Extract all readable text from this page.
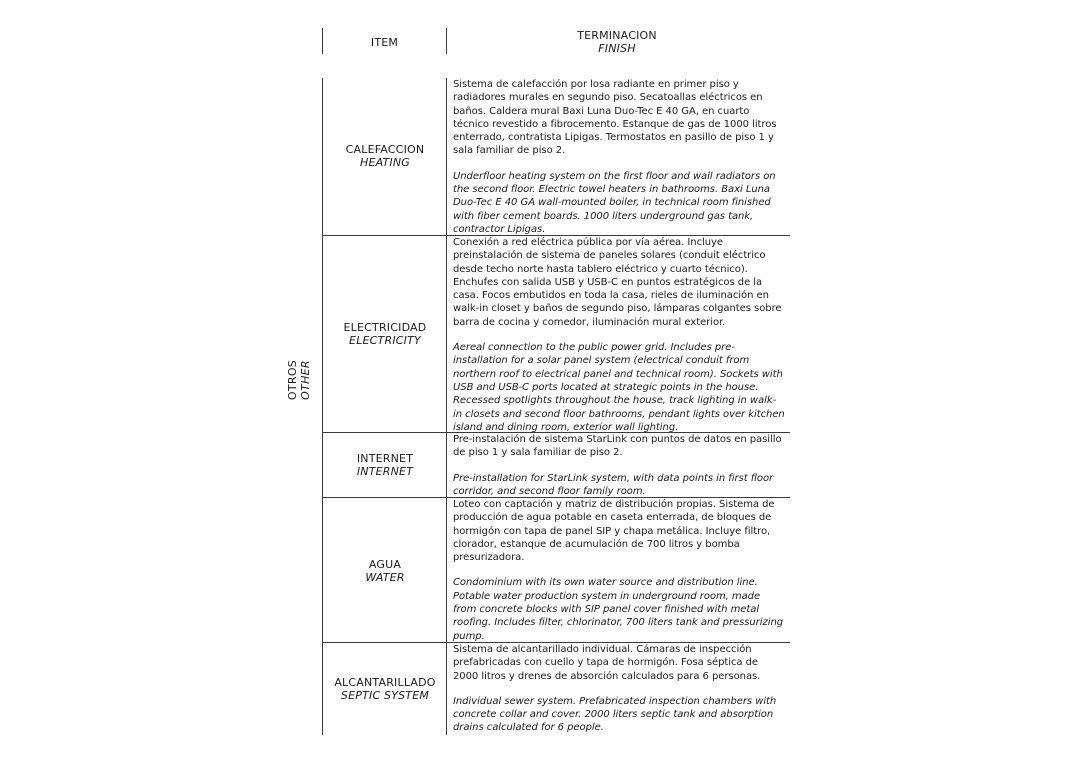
ITEM
TERMINACION
FINISH
OTROS OTHER
CALEFACCION
HEATING

Sistema de calefacción por losa radiante en primer piso y radiadores murales en segundo piso. Secatoallas eléctricos en baños. Caldera mural Baxi Luna Duo-Tec E 40 GA, en cuarto técnico revestido a fibrocemento. Estanque de gas de 1000 litros enterrado, contratista Lipigas. Termostatos en pasillo de piso 1 y sala familiar de piso 2.

Underfloor heating system on the first floor and wall radiators on the second floor. Electric towel heaters in bathrooms. Baxi Luna Duo-Tec E 40 GA wall-mounted boiler, in technical room finished with fiber cement boards. 1000 liters underground gas tank, contractor Lipigas.

ELECTRICIDAD
ELECTRICITY

Conexión a red eléctrica pública por vía aérea. Incluye preinstalación de sistema de paneles solares (conduit eléctrico desde techo norte hasta tablero eléctrico y cuarto técnico). Enchufes con salida USB y USB-C en puntos estratégicos de la casa. Focos embutidos en toda la casa, rieles de iluminación en walk-in closet y baños de segundo piso, lámparas colgantes sobre barra de cocina y comedor, iluminación mural exterior.

Aereal connection to the public power grid. Includes pre-installation for a solar panel system (electrical conduit from northern roof to electrical panel and technical room). Sockets with USB and USB-C ports located at strategic points in the house. Recessed spotlights throughout the house, track lighting in walk-in closets and second floor bathrooms, pendant lights over kitchen island and dining room, exterior wall lighting.

INTERNET
INTERNET

Pre-instalación de sistema StarLink con puntos de datos en pasillo de piso 1 y sala familiar de piso 2.

Pre-installation for StarLink system, with data points in first floor corridor, and second floor family room.

AGUA
WATER

Loteo con captación y matriz de distribución propias. Sistema de producción de agua potable en caseta enterrada, de bloques de hormigón con tapa de panel SIP y chapa metálica. Incluye filtro, clorador, estanque de acumulación de 700 litros y bomba presurizadora.

Condominium with its own water source and distribution line. Potable water production system in underground room, made from concrete blocks with SIP panel cover finished with metal roofing. Includes filter, chlorinator, 700 liters tank and pressurizing pump.

ALCANTARILLADO
SEPTIC SYSTEM

Sistema de alcantarillado individual. Cámaras de inspección prefabricadas con cuello y tapa de hormigón. Fosa séptica de 2000 litros y drenes de absorción calculados para 6 personas.

Individual sewer system. Prefabricated inspection chambers with concrete collar and cover. 2000 liters septic tank and absorption drains calculated for 6 people.
